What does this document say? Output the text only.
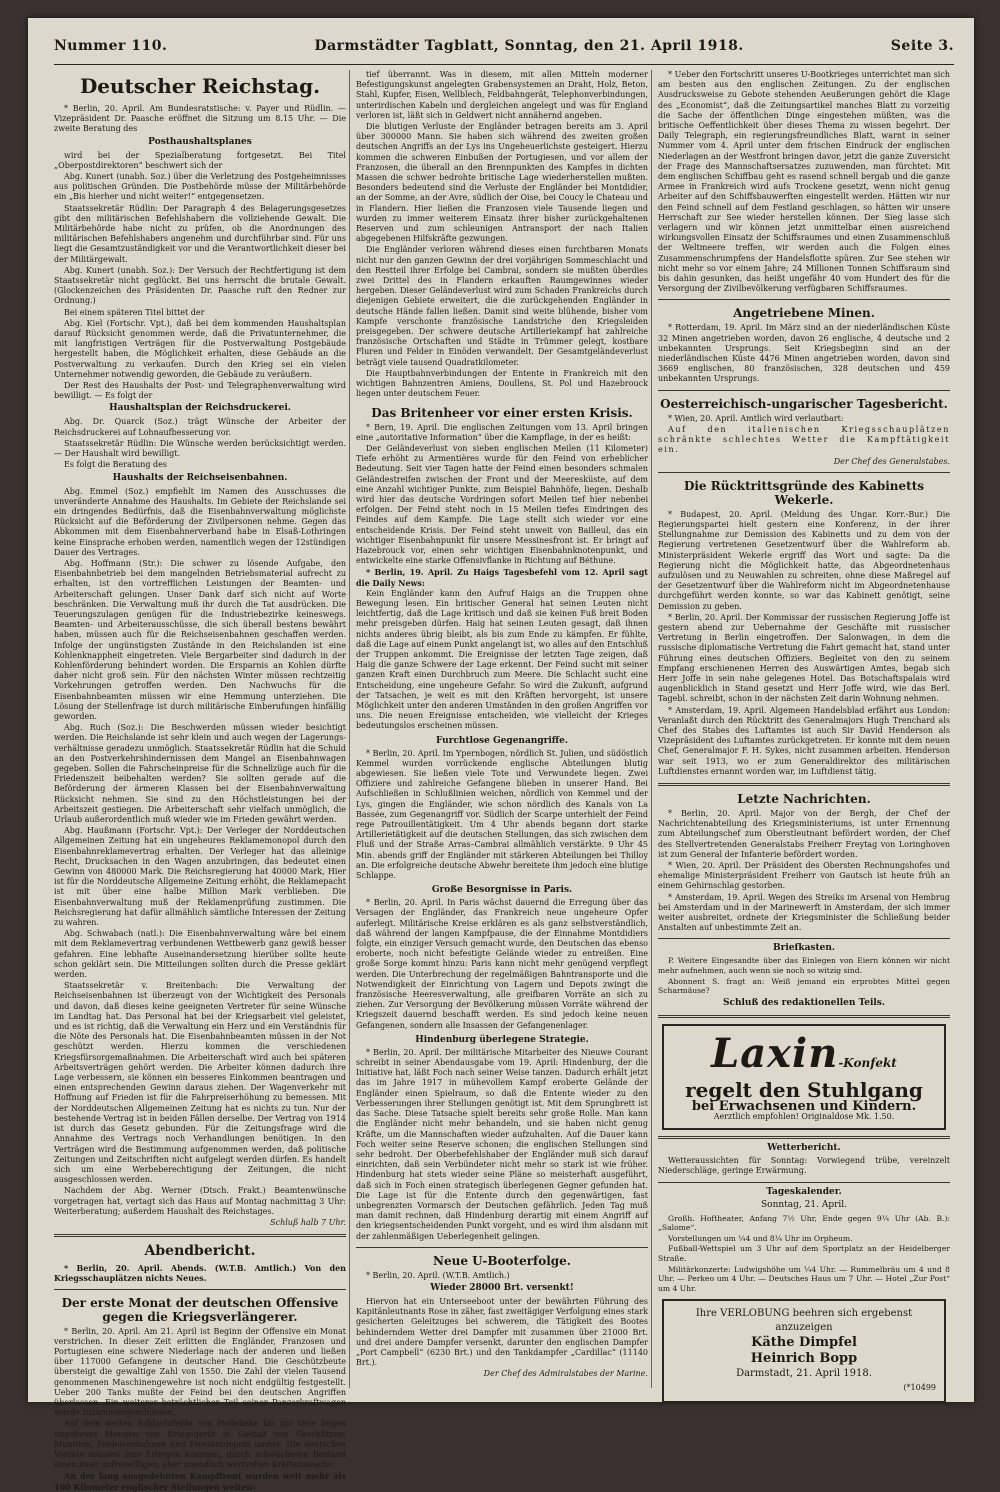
Nummer 110.	Darmstädter Tagblatt, Sonntag, den 21. April 1918.	Seite 3.
Deutscher Reichstag.

* Berlin, 20. April. Am Bundesratstische: v. Payer und Rüdlin. — Vizepräsident Dr. Paasche eröffnet die Sitzung um 8.15 Uhr. — Die zweite Beratung des

Posthaushaltsplanes

wird bei der Spezialberatung fortgesetzt. Bei Titel „Oberpostdirektoren“ beschwert sich der

Abg. Kunert (unabh. Soz.) über die Verletzung des Postgeheimnisses aus politischen Gründen. Die Postbehörde müsse der Militärbehörde ein „Bis hierher und nicht weiter!“ entgegensetzen.

Staatssekretär Rüdlin: Der Paragraph 4 des Belagerungsgesetzes gibt den militärischen Befehlshabern die vollziehende Gewalt. Die Militärbehörde habe nicht zu prüfen, ob die Anordnungen des militärischen Befehlshabers angenehm und durchführbar sind. Für uns liegt die Gesamtzuständigkeit vor und die Verantwortlichkeit dieser bei der Militärgewalt.

Abg. Kunert (unabh. Soz.): Der Versuch der Rechtfertigung ist dem Staatssekretär nicht geglückt. Bei uns herrscht die brutale Gewalt. (Glockenzeichen des Präsidenten Dr. Paasche ruft den Redner zur Ordnung.)

Bei einem späteren Titel bittet der

Abg. Kiel (Fortschr. Vpt.), daß bei dem kommenden Haushaltsplan darauf Rücksicht genommen werde, daß die Privatunternehmer, die mit langfristigen Verträgen für die Postverwaltung Postgebäude hergestellt haben, die Möglichkeit erhalten, diese Gebäude an die Postverwaltung zu verkaufen. Durch den Krieg sei ein vielen Unternehmer notwendig geworden, die Gebäude zu veräußern.

Der Rest des Haushalts der Post- und Telegraphenverwaltung wird bewilligt. — Es folgt der

Haushaltsplan der Reichsdruckerei.

Abg. Dr. Quarck (Soz.) trägt Wünsche der Arbeiter der Reichsdruckerei auf Lohnaufbesserung vor.

Staatssekretär Rüdlin: Die Wünsche werden berücksichtigt werden. — Der Haushalt wird bewilligt.

Es folgt die Beratung des

Haushalts der Reichseisenbahnen.

Abg. Emmel (Soz.) empfiehlt im Namen des Ausschusses die unveränderte Annahme des Haushalts. Im Gebiete der Reichslande sei ein dringendes Bedürfnis, daß die Eisenbahnverwaltung möglichste Rücksicht auf die Beförderung der Zivilpersonen nehme. Gegen das Abkommen mit dem Eisenbahnerverband habe in Elsaß-Lothringen keine Einsprache erhoben werden, namentlich wegen der 12stündigen Dauer des Vertrages.

Abg. Hoffmann (Str.): Die schwer zu lösende Aufgabe, den Eisenbahnbetrieb bei dem mangelnden Betriebsmaterial aufrecht zu erhalten, ist den vortrefflichen Leistungen der Beamten- und Arbeiterschaft gelungen. Unser Dank darf sich nicht auf Worte beschränken. Die Verwaltung muß ihr durch die Tat ausdrücken. Die Teuerungszulagen genügen für die Industriebezirke keineswegs. Beamten- und Arbeiterausschüsse, die sich überall bestens bewährt haben, müssen auch für die Reichseisenbahnen geschaffen werden. Infolge der ungünstigsten Zustände in den Reichslanden ist eine Kohlenknappheit eingetreten. Viele Bergarbeiter sind dadurch in der Kohlenförderung behindert worden. Die Ersparnis an Kohlen dürfte daher nicht groß sein. Für den nächsten Winter müssen rechtzeitig Vorkehrungen getroffen werden. Den Nachwuchs für die Eisenbahnbeamten müssen wir eine Hemmung unterziehen. Die Lösung der Stellenfrage ist durch militärische Einberufungen hinfällig geworden.

Abg. Ruch (Soz.): Die Beschwerden müssen wieder besichtigt werden. Die Reichslande ist sehr klein und auch wegen der Lagerungsverhältnisse geradezu unmöglich. Staatssekretär Rüdlin hat die Schuld an den Postverkehrshindernissen dem Mangel an Eisenbahnwagen gegeben. Sollen die Fahrscheinpreise für die Schnellzüge auch für die Friedenszeit beibehalten werden? Sie sollten gerade auf die Beförderung der ärmeren Klassen bei der Eisenbahnverwaltung Rücksicht nehmen. Sie sind zu den Höchstleistungen bei der Arbeitszeit gestiegen. Die Arbeiterschaft sehr vielfach unmöglich, die Urlaub außerordentlich muß wieder wie im Frieden gewährt werden.

Abg. Haußmann (Fortschr. Vpt.): Der Verleger der Norddeutschen Allgemeinen Zeitung hat ein ungeheures Reklamemonopol durch den Eisenbahnreklamevertrag erhalten. Der Verleger hat das alleinige Recht, Drucksachen in den Wagen anzubringen, das bedeutet einen Gewinn von 480000 Mark. Die Reichsregierung hat 40000 Mark, Hier ist für die Norddeutsche Allgemeine Zeitung erhöht, die Reklamepacht ist mit über eine halbe Million Mark verblieben. Die Eisenbahnverwaltung muß der Reklamenprüfung zustimmen. Die Reichsregierung hat dafür allmählich sämtliche Interessen der Zeitung zu wahren.

Abg. Schwabach (natl.): Die Eisenbahnverwaltung wäre bei einem mit dem Reklamevertrag verbundenen Wettbewerb ganz gewiß besser gefahren. Eine lebhafte Auseinandersetzung hierüber sollte heute schon geklärt sein. Die Mitteilungen sollten durch die Presse geklärt werden.

Staatssekretär v. Breitenbach: Die Verwaltung der Reichseisenbahnen ist überzeugt von der Wichtigkeit des Personals und davon, daß dieses keine geeigneten Vertreter für seine Wünsche im Landtag hat. Das Personal hat bei der Kriegsarbeit viel geleistet, und es ist richtig, daß die Verwaltung ein Herz und ein Verständnis für die Nöte des Personals hat. Die Eisenbahnbeamten müssen in der Not geschützt werden. Hierzu kommen die verschiedenen Kriegsfürsorgemaßnahmen. Die Arbeiterschaft wird auch bei späteren Arbeitsverträgen gehört werden. Die Arbeiter können dadurch ihre Lage verbessern, sie können ein besseres Einkommen beantragen und einen entsprechenden Gewinn daraus ziehen. Der Wagenverkehr mit Hoffnung auf Frieden ist für die Fahrpreiserhöhung zu bemessen. Mit der Norddeutschen Allgemeinen Zeitung hat es nichts zu tun. Nur der bestehende Vertrag ist in beiden Fällen derselbe. Der Vertrag von 1914 ist durch das Gesetz gebunden. Für die Zeitungsfrage wird die Annahme des Vertrags noch Verhandlungen benötigen. In den Verträgen wird die Bestimmung aufgenommen werden, daß politische Zeitungen und Zeitschriften nicht aufgelegt werden dürfen. Es handelt sich um eine Werbeberechtigung der Zeitungen, die nicht ausgeschlossen werden.

Nachdem der Abg. Werner (Dtsch. Frakt.) Beamtenwünsche vorgetragen hat, vertagt sich das Haus auf Montag nachmittag 3 Uhr: Weiterberatung; außerdem Haushalt des Reichstages.

Schluß halb 7 Uhr.

Abendbericht.

* Berlin, 20. April. Abends. (W.T.B. Amtlich.) Von den Kriegsschauplätzen nichts Neues.

Der erste Monat der deutschen Offensive gegen die Kriegsverlängerer.

* Berlin, 20. April. Am 21. April ist Beginn der Offensive ein Monat verstrichen. In dieser Zeit erlitten die Engländer, Franzosen und Portugiesen eine schwere Niederlage nach der anderen und ließen über 117000 Gefangene in deutscher Hand. Die Geschützbeute übersteigt die gewaltige Zahl von 1550. Die Zahl der vielen Tausend genommenen Maschinengewehre ist noch nicht endgültig festgestellt. Ueber 200 Tanks mußte der Feind bei den deutschen Angriffen überlassen. Ein weiterer beträchtlicher Teil seiner Panzerkraftwagen wurde zusammengeschossen.

Auf dem weiten Schlachtfelde von Hollebeke bis zur Oise liegen ungeheure Mengen von Kriegsgerät in Gestalt von Geschützen, Munition, Feldeisenbahnen und Proviantdepots umher. Die deutschen Vorräte müssen zum Erliegen kommen, durch schwächeren Bestand einen zwar unfreiwilligen, aber unendlich wertvollen Kräftezuwachs.

An der lang ausgedehnten Kampffront wurden weit mehr als 100 Kilometer englischer Stellungen weiten-

tief überrannt. Was in diesem, mit allen Mitteln moderner Befestigungskunst angelegten Grabensystemen an Draht, Holz, Beton, Stahl, Kupfer, Eisen, Wellblech, Feldbahngerät, Telephonverbindungen, unterirdischen Kabeln und dergleichen angelegt und was für England verloren ist, läßt sich in Geldwert nicht annähernd angeben.

Die blutigen Verluste der Engländer betragen bereits am 3. April über 300000 Mann. Sie haben sich während des zweiten großen deutschen Angriffs an der Lys ins Ungeheuerlichste gesteigert. Hierzu kommen die schweren Einbußen der Portugiesen, und vor allem der Franzosen, die überall an den Brennpunkten des Kampfes in dichten Massen die schwer bedrohte britische Lage wiederherstellen mußten. Besonders bedeutend sind die Verluste der Engländer bei Montdidier, an der Somme, an der Avre, südlich der Oise, bei Coucy le Chateau und in Flandern. Hier ließen die Franzosen viele Tausende liegen und wurden zu immer weiterem Einsatz ihrer bisher zurückgehaltenen Reserven und zum schleunigen Antransport der nach Italien abgegebenen Hilfskräfte gezwungen.

Die Engländer verloren während dieses einen furchtbaren Monats nicht nur den ganzen Gewinn der drei vorjährigen Sommeschlacht und den Restteil ihrer Erfolge bei Cambrai, sondern sie mußten überdies zwei Drittel des in Flandern erkauften Raumgewinnes wieder hergeben. Dieser Geländeverlust wird zum Schaden Frankreichs durch diejenigen Gebiete erweitert, die die zurückgehenden Engländer in deutsche Hände fallen ließen. Damit sind weite blühende, bisher vom Kampfe verschonte französische Landstriche den Kriegsleiden preisgegeben. Der schwere deutsche Artilleriekampf hat zahlreiche französische Ortschaften und Städte in Trümmer gelegt, kostbare Fluren und Felder in Einöden verwandelt. Der Gesamtgeländeverlust beträgt viele tausend Quadratkilometer.

Die Hauptbahnverbindungen der Entente in Frankreich mit den wichtigen Bahnzentren Amiens, Doullens, St. Pol und Hazebrouck liegen unter deutschem Feuer.

Das Britenheer vor einer ersten Krisis.

* Bern, 19. April. Die englischen Zeitungen vom 13. April bringen eine „autoritative Information“ über die Kampflage, in der es heißt:

Der Geländeverlust von sieben englischen Meilen (11 Kilometer) Tiefe erhöht zu Armentières wurde für den Feind von erheblicher Bedeutung. Seit vier Tagen hatte der Feind einen besonders schmalen Geländestreifen zwischen der Front und der Meeresküste, auf dem eine Anzahl wichtiger Punkte, zum Beispiel Bahnhöfe, liegen. Deshalb wird hier das deutsche Vordringen sofort Meilen tief hier nebenbei erfolgen. Der Feind steht noch in 15 Meilen tiefes Eindringen des Feindes auf dem Kampfe. Die Lage stellt sich wieder vor eine entscheidende Krisis. Der Feind steht unweit von Bailleul, das ein wichtiger Eisenbahnpunkt für unsere Messinesfront ist. Er bringt auf Hazebrouck vor, einen sehr wichtigen Eisenbahnknotenpunkt, und entwickelte eine starke Offensivflanke in Richtung auf Béthune.

* Berlin, 19. April. Zu Haigs Tagesbefehl vom 12. April sagt die Daily News:

Kein Engländer kann den Aufruf Haigs an die Truppen ohne Bewegung lesen. Ein britischer General hat seinen Leuten nicht leichtfertig, daß die Lage kritisch und daß sie keinen Fuß breit Boden mehr preisgeben dürfen. Haig hat seinen Leuten gesagt, daß ihnen nichts anderes übrig bleibt, als bis zum Ende zu kämpfen. Er fühlte, daß die Lage auf einem Punkt angelangt ist, wo alles auf den Entschluß der Truppen ankommt. Die Ereignisse der letzten Tage zeigen, daß Haig die ganze Schwere der Lage erkennt. Der Feind sucht mit seiner ganzen Kraft einen Durchbruch zum Meere. Die Schlacht sucht eine Entscheidung, eine ungeheure Gefahr. So wird die Zukunft, aufgrund der Tatsachen, je weit es mit den Kräften hervorgeht, ist unsere Möglichkeit unter den anderen Umständen in den großen Angriffen vor uns. Die neuen Ereignisse entscheiden, wie vielleicht der Krieges bedeutungslos erscheinen müssen.

Furchtlose Gegenangriffe.

* Berlin, 20. April. Im Ypernbogen, nördlich St. Julien, und südöstlich Kemmel wurden vorrückende englische Abteilungen blutig abgewiesen. Sie ließen viele Tote und Verwundete liegen. Zwei Offiziere und zahlreiche Gefangene blieben in unserer Hand. Bei Aufschließen in Schlußlinien weichen, nördlich von Kemmel und der Lys, gingen die Engländer, wie schon nördlich des Kanals von La Bassée, zum Gegenangriff vor. Südlich der Scarpe unterhielt der Feind rege Patrouillentätigkeit. Um 4 Uhr abends begann dort starke Artillerietätigkeit auf die deutschen Stellungen, das sich zwischen dem Fluß und der Straße Arras–Cambrai allmählich verstärkte. 9 Uhr 45 Min. abends griff der Engländer mit stärkeren Abteilungen bei Thilloy an. Die erfolgreiche deutsche Abwehr bereitete ihm jedoch eine blutige Schlappe.

Große Besorgnisse in Paris.

* Berlin, 20. April. In Paris wächst dauernd die Erregung über das Versagen der Engländer, das Frankreich neue ungeheure Opfer auferlegt. Militärische Kreise erklären es als ganz selbstverständlich, daß während der langen Kampfpause, die der Einnahme Montdidiers folgte, ein einziger Versuch gemacht wurde, den Deutschen das ebenso eroberte, noch nicht befestigte Gelände wieder zu entreißen. Eine große Sorge kommt hinzu: Paris kann nicht mehr genügend verpflegt werden. Die Unterbrechung der regelmäßigen Bahntransporte und die Notwendigkeit der Einrichtung von Lagern und Depots zwingt die französische Heeresverwaltung, alle greifbaren Vorräte an sich zu ziehen. Zur Versorgung der Bevölkerung müssen Vorräte während der Kriegszeit dauernd beschafft werden. Es sind jedoch keine neuen Gefangenen, sondern alle Insassen der Gefangenenlager.

Hindenburg überlegene Strategie.

* Berlin, 20. April. Der militärische Mitarbeiter des Nieuwe Courant schreibt in seiner Abendausgabe vom 19. April: Hindenburg, der die Initiative hat, läßt Foch nach seiner Weise tanzen. Dadurch erhält jetzt das im Jahre 1917 in mühevollem Kampf eroberte Gelände der Engländer einen Spielraum, so daß die Entente wieder zu den Verbesserungen ihrer Stellungen genötigt ist. Mit dem Sprungbrett ist das Sache. Diese Tatsache spielt bereits sehr große Rolle. Man kann die Engländer nicht mehr behandeln, und sie haben nicht genug Kräfte, um die Mannschaften wieder aufzuhalten. Auf die Dauer kann Foch weiter seine Reserve schonen; die englischen Stellungen sind sehr bedroht. Der Oberbefehlshaber der Engländer muß sich darauf einrichten, daß sein Verbündeter nicht mehr so stark ist wie früher. Hindenburg hat stets wieder seine Pläne so meisterhaft ausgeführt, daß sich in Foch einen strategisch überlegenen Gegner gefunden hat. Die Lage ist für die Entente durch den gegenwärtigen, fast unbegrenzten Vormarsch der Deutschen gefährlich. Jeden Tag muß man damit rechnen, daß Hindenburg derartig mit einem Angriff auf den kriegsentscheidenden Punkt vorgeht, und es wird ihm alsdann mit der zahlenmäßigen Ueberlegenheit gelingen.

Neue U-Booterfolge.

* Berlin, 20. April. (W.T.B. Amtlich.)

Wieder 28000 Brt. versenkt!

Hiervon hat ein Unterseeboot unter der bewährten Führung des Kapitänleutnants Rose in zäher, fast zweitägiger Verfolgung eines stark gesicherten Geleitzuges bei schwerem, die Tätigkeit des Bootes behinderndem Wetter drei Dampfer mit zusammen über 21000 Brt. und drei andere Dampfer versenkt, darunter den englischen Dampfer „Port Campbell“ (6230 Brt.) und den Tankdampfer „Cardillac“ (11140 Brt.).

Der Chef des Admiralstabes der Marine.

* Ueber den Fortschritt unseres U-Bootkrieges unterrichtet man sich am besten aus den englischen Zeitungen. Zu der englischen Ausdrucksweise zu Gebote stehenden Aeußerungen gehört die Klage des „Economist“, daß die Zeitungsartikel manches Blatt zu vorzeitig die Sache der öffentlichen Dinge eingestehen müßten, was die britische Oeffentlichkeit über dieses Thema zu wissen begehrt. Der Daily Telegraph, ein regierungsfreundliches Blatt, warnt in seiner Nummer vom 4. April unter dem frischen Eindruck der englischen Niederlagen an der Westfront bringen davor, jetzt die ganze Zuversicht der Frage des Mannschaftsersatzes zuzuwenden, man fürchtet: Mit dem englischen Schiffbau geht es rasend schnell bergab und die ganze Armee in Frankreich wird aufs Trockene gesetzt, wenn nicht genug Arbeiter auf den Schiffsbauwerften eingestellt werden. Hätten wir nur den Feind schnell auf dem Festland geschlagen, so hätten wir unsere Herrschaft zur See wieder herstellen können. Der Sieg lasse sich verlagern und wir können jetzt unmittelbar einen ausreichend wirkungsvollen Einsatz der Schiffsraumes und einen Zusammenschluß der Weltmeere treffen, wir werden auch die Folgen eines Zusammenschrumpfens der Handelsflotte spüren. Zur See stehen wir nicht mehr so vor einem Jahre; 24 Millionen Tonnen Schiffsraum sind bis dahin gesunken, das heißt ungefähr 40 vom Hundert des für die Versorgung der Zivilbevölkerung verfügbaren Schiffsraumes.

Angetriebene Minen.

* Rotterdam, 19. April. Im März sind an der niederländischen Küste 32 Minen angetrieben worden, davon 26 englische, 4 deutsche und 2 unbekannten Ursprungs. Seit Kriegsbeginn sind an der niederländischen Küste 4476 Minen angetrieben worden, davon sind 3669 englischen, 80 französischen, 328 deutschen und 459 unbekannten Ursprungs.

Oesterreichisch-ungarischer Tagesbericht.

* Wien, 20. April. Amtlich wird verlautbart:

Auf den italienischen Kriegsschauplätzen schränkte schlechtes Wetter die Kampftätigkeit ein.

Der Chef des Generalstabes.

Die Rücktrittsgründe des Kabinetts Wekerle.

* Budapest, 20. April. (Meldung des Ungar. Korr.-Bur.) Die Regierungspartei hielt gestern eine Konferenz, in der ihrer Stellungnahme zur Demission des Kabinetts und zu dem von der Regierung vertretenen Gesetzentwurf über die Wahlreform ab. Ministerpräsident Wekerle ergriff das Wort und sagte: Da die Regierung nicht die Möglichkeit hatte, das Abgeordnetenhaus aufzulösen und zu Neuwahlen zu schreiten, ohne diese Maßregel auf der Gesetzentwurf über die Wahlreform nicht im Abgeordnetenhause durchgeführt werden konnte, so war das Kabinett genötigt, seine Demission zu geben.

* Berlin, 20. April. Der Kommissar der russischen Regierung Joffe ist gestern abend zur Uebernahme der Geschäfte mit russischer Vertretung in Berlin eingetroffen. Der Salonwagen, in dem die russische diplomatische Vertretung die Fahrt gemacht hat, stand unter Führung eines deutschen Offiziers. Begleitet von den zu seinem Empfang erschienenen Herren des Auswärtigen Amtes, begab sich Herr Joffe in sein nahe gelegenes Hotel. Das Botschaftspalais wird augenblicklich in Stand gesetzt und Herr Joffe wird, wie das Berl. Tagebl. schreibt, schon in der nächsten Zeit darin Wohnung nehmen.

* Amsterdam, 19. April. Algemeen Handelsblad erfährt aus London: Veranlaßt durch den Rücktritt des Generalmajors Hugh Trenchard als Chef des Stabes des Luftamtes ist auch Sir David Henderson als Vizepräsident des Luftamtes zurückgetreten. Er konnte mit dem neuen Chef, Generalmajor F. H. Sykes, nicht zusammen arbeiten. Henderson war seit 1913, wo er zum Generaldirektor des militärischen Luftdienstes ernannt worden war, im Luftdienst tätig.

Letzte Nachrichten.

* Berlin, 20. April. Major von der Bergh, der Chef der Nachrichtenabteilung des Kriegsministeriums, ist unter Ernennung zum Abteilungschef zum Oberstleutnant befördert worden, der Chef des Stellvertretenden Generalstabs Freiherr Freytag von Loringhoven ist zum General der Infanterie befördert worden.

* Wien, 20. April. Der Präsident des Obersten Rechnungshofes und ehemalige Ministerpräsident Freiherr von Gautsch ist heute früh an einem Gehirnschlag gestorben.

* Amsterdam, 19. April. Wegen des Streiks im Arsenal von Hembrug bei Amsterdam und in der Marinewerft in Amsterdam, der sich immer weiter ausbreitet, ordnete der Kriegsminister die Schließung beider Anstalten auf unbestimmte Zeit an.

Briefkasten.

P. Weitere Eingesandte über das Einlegen von Eiern können wir nicht mehr aufnehmen, auch wenn sie noch so witzig sind.

Abonnent S. fragt an: Weiß jemand ein erprobtes Mittel gegen Scharmäuse?

Schluß des redaktionellen Teils.
Laxin-Konfekt
regelt den Stuhlgang
bei Erwachsenen und Kindern.
Aerztlich empfohlen! Originaldose Mk. 1.50.
Wetterbericht.

Wetteraussichten für Sonntag: Vorwiegend trübe, vereinzelt Niederschläge, geringe Erwärmung.

Tageskalender.
Sonntag, 21. April.

Großh. Hoftheater, Anfang 7½ Uhr, Ende gegen 9¼ Uhr (Ab. B.): „Salome“.

Vorstellungen um ¼4 und 8¼ Uhr im Orpheum.

Fußball-Wettspiel um 3 Uhr auf dem Sportplatz an der Heidelberger Straße.

Militärkonzerte: Ludwigshöhe um ¼4 Uhr. — Rummelbräu um 4 und 8 Uhr. — Perkeo um 4 Uhr. — Deutsches Haus um 7 Uhr. — Hotel „Zur Post“ um 4 Uhr.

Ihre VERLOBUNG beehren sich ergebenst anzuzeigen
Käthe Dimpfel
Heinrich Bopp
Darmstadt, 21. April 1918.
(*10499
